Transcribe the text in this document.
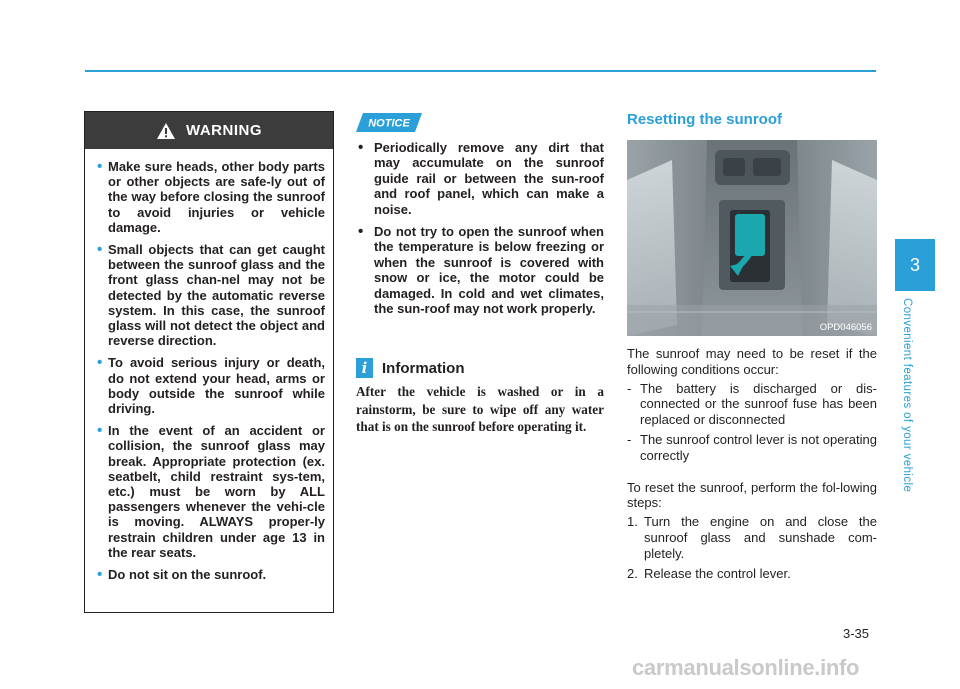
WARNING
• Make sure heads, other body parts or other objects are safe-ly out of the way before closing the sunroof to avoid injuries or vehicle damage.
• Small objects that can get caught between the sunroof glass and the front glass chan-nel may not be detected by the automatic reverse system. In this case, the sunroof glass will not detect the object and reverse direction.
• To avoid serious injury or death, do not extend your head, arms or body outside the sunroof while driving.
• In the event of an accident or collision, the sunroof glass may break. Appropriate protection (ex. seatbelt, child restraint sys-tem, etc.) must be worn by ALL passengers whenever the vehi-cle is moving. ALWAYS proper-ly restrain children under age 13 in the rear seats.
• Do not sit on the sunroof.
NOTICE
• Periodically remove any dirt that may accumulate on the sunroof guide rail or between the sun-roof and roof panel, which can make a noise.
• Do not try to open the sunroof when the temperature is below freezing or when the sunroof is covered with snow or ice, the motor could be damaged. In cold and wet climates, the sun-roof may not work properly.
i Information
After the vehicle is washed or in a rainstorm, be sure to wipe off any water that is on the sunroof before operating it.
Resetting the sunroof
OPD046056

The sunroof may need to be reset if the following conditions occur:

- The battery is discharged or dis-connected or the sunroof fuse has been replaced or disconnected
- The sunroof control lever is not operating correctly

To reset the sunroof, perform the fol-lowing steps:

1. Turn the engine on and close the sunroof glass and sunshade com-pletely.
2. Release the control lever.
3
Convenient features of your vehicle
3-35
carmanualsonline.info
